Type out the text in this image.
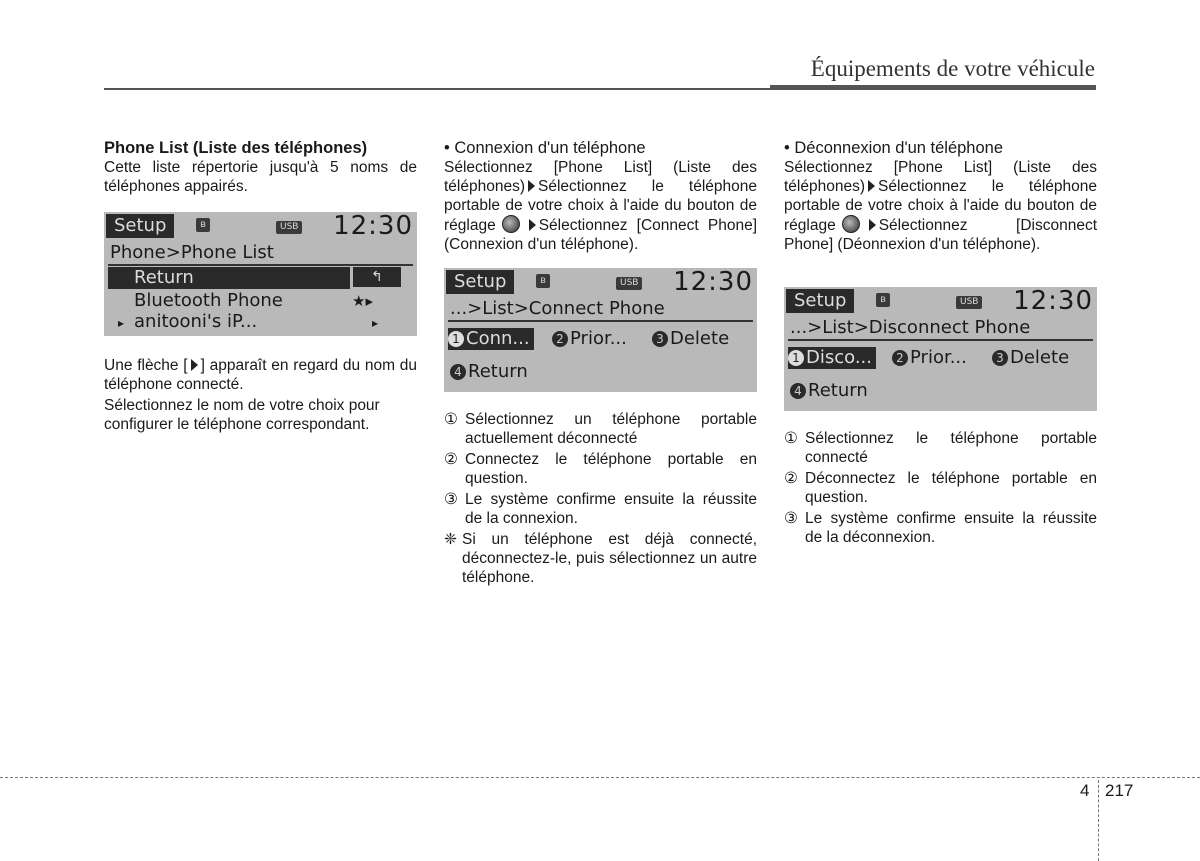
Équipements de votre véhicule

Phone List (Liste des téléphones)

Cette liste répertorie jusqu'à 5 noms de téléphones appairés.

Setup	ʙ	USB 12:30
Phone>Phone List
Return	↰
Bluetooth Phone	★▸
▸ anitooni's iP...	▸

Une flèche [ ] apparaît en regard du nom du téléphone connecté.

Sélectionnez le nom de votre choix pour configurer le téléphone correspondant.

• Connexion d'un téléphone

Sélectionnez [Phone List] (Liste des téléphones) Sélectionnez le téléphone portable de votre choix à l'aide du bouton de réglage	Sélectionnez [Connect Phone] (Connexion d'un téléphone).

Setup	ʙ	USB 12:30
...>List>Connect Phone
1 Conn...	2 Prior...	3 Delete
4 Return
① Sélectionnez un téléphone portable actuellement déconnecté
② Connectez le téléphone portable en question.
③ Le système confirme ensuite la réussite de la connexion.
❈ Si un téléphone est déjà connecté, déconnectez-le, puis sélectionnez un autre téléphone.

• Déconnexion d'un téléphone

Sélectionnez [Phone List] (Liste des téléphones) Sélectionnez le téléphone portable de votre choix à l'aide du bouton de réglage	Sélectionnez [Disconnect Phone] (Déonnexion d'un téléphone).

Setup	ʙ	USB 12:30
...>List>Disconnect Phone
1 Disco...	2 Prior...	3 Delete
4 Return
① Sélectionnez le téléphone portable connecté
② Déconnectez le téléphone portable en question.
③ Le système confirme ensuite la réussite de la déconnexion.
4 217
